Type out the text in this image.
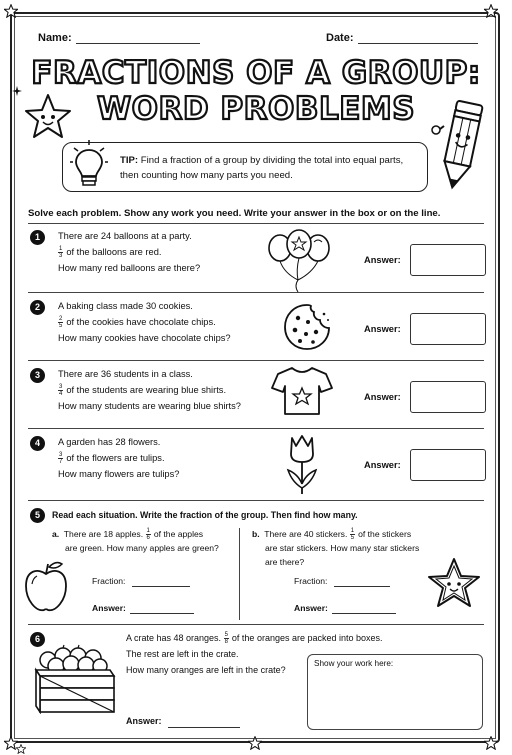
Name:	Date:
FRACTIONS OF A GROUP:
WORD PROBLEMS
TIP: Find a fraction of a group by dividing the total into equal parts, then counting how many parts you need.
Solve each problem. Show any work you need. Write your answer in the box or on the line.
1	There are 24 balloons at a party.
$\frac{1}{3}$ of the balloons are red.
How many red balloons are there?
Answer:
2	A baking class made 30 cookies.
$\frac{2}{5}$ of the cookies have chocolate chips.
How many cookies have chocolate chips?
Answer:
3	There are 36 students in a class.
$\frac{3}{4}$ of the students are wearing blue shirts.
How many students are wearing blue shirts?
Answer:
4	A garden has 28 flowers.
$\frac{3}{7}$ of the flowers are tulips.
How many flowers are tulips?
Answer:
5	Read each situation. Write the fraction of the group. Then find how many.
a. There are 18 apples. $\frac{1}{6}$ of the apples
are green. How many apples are green?
Fraction:
Answer:
b. There are 40 stickers. $\frac{1}{5}$ of the stickers
are star stickers. How many star stickers
are there?
Fraction:
Answer:
6	A crate has 48 oranges. $\frac{5}{8}$ of the oranges are packed into boxes.
The rest are left in the crate.
How many oranges are left in the crate?
Show your work here:
Answer:
